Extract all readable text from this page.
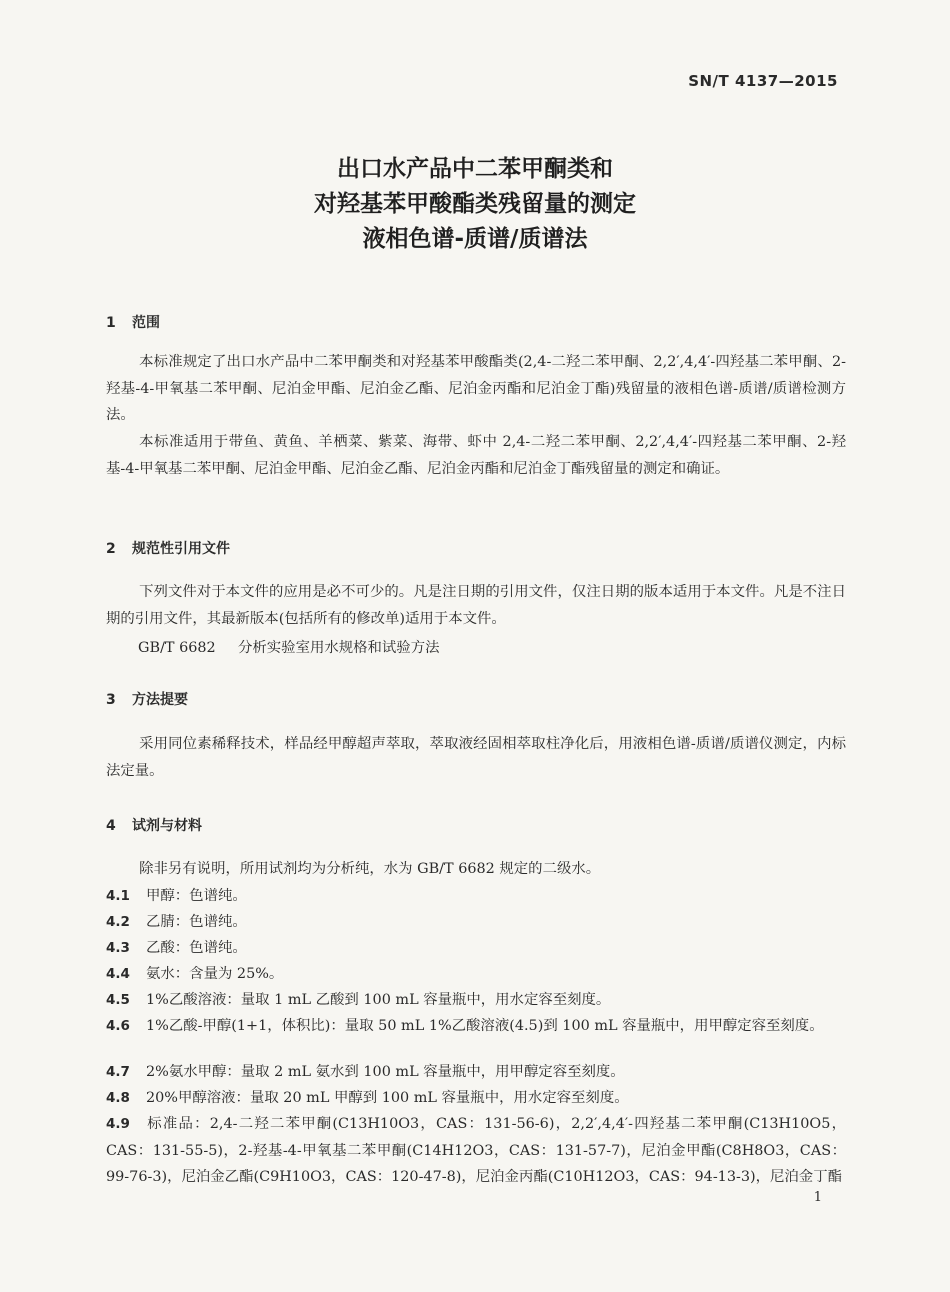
SN/T 4137—2015
出口水产品中二苯甲酮类和
对羟基苯甲酸酯类残留量的测定
液相色谱-质谱/质谱法
1 范围
本标准规定了出口水产品中二苯甲酮类和对羟基苯甲酸酯类(2,4-二羟二苯甲酮、2,2′,4,4′-四羟基二苯甲酮、2-羟基-4-甲氧基二苯甲酮、尼泊金甲酯、尼泊金乙酯、尼泊金丙酯和尼泊金丁酯)残留量的液相色谱-质谱/质谱检测方法。
本标准适用于带鱼、黄鱼、羊栖菜、紫菜、海带、虾中 2,4-二羟二苯甲酮、2,2′,4,4′-四羟基二苯甲酮、2-羟基-4-甲氧基二苯甲酮、尼泊金甲酯、尼泊金乙酯、尼泊金丙酯和尼泊金丁酯残留量的测定和确证。
2 规范性引用文件
下列文件对于本文件的应用是必不可少的。凡是注日期的引用文件，仅注日期的版本适用于本文件。凡是不注日期的引用文件，其最新版本(包括所有的修改单)适用于本文件。
GB/T 6682 分析实验室用水规格和试验方法
3 方法提要
采用同位素稀释技术，样品经甲醇超声萃取，萃取液经固相萃取柱净化后，用液相色谱-质谱/质谱仪测定，内标法定量。
4 试剂与材料
除非另有说明，所用试剂均为分析纯，水为 GB/T 6682 规定的二级水。
4.1 甲醇：色谱纯。
4.2 乙腈：色谱纯。
4.3 乙酸：色谱纯。
4.4 氨水：含量为 25%。
4.5 1%乙酸溶液：量取 1 mL 乙酸到 100 mL 容量瓶中，用水定容至刻度。
4.6 1%乙酸-甲醇(1+1，体积比)：量取 50 mL 1%乙酸溶液(4.5)到 100 mL 容量瓶中，用甲醇定容至刻度。
4.7 2%氨水甲醇：量取 2 mL 氨水到 100 mL 容量瓶中，用甲醇定容至刻度。
4.8 20%甲醇溶液：量取 20 mL 甲醇到 100 mL 容量瓶中，用水定容至刻度。
4.9 标准品：2,4-二羟二苯甲酮(C13H10O3，CAS：131-56-6)，2,2′,4,4′-四羟基二苯甲酮(C13H10O5，CAS：131-55-5)，2-羟基-4-甲氧基二苯甲酮(C14H12O3，CAS：131-57-7)，尼泊金甲酯(C8H8O3，CAS：99-76-3)，尼泊金乙酯(C9H10O3，CAS：120-47-8)，尼泊金丙酯(C10H12O3，CAS：94-13-3)，尼泊金丁酯
1
